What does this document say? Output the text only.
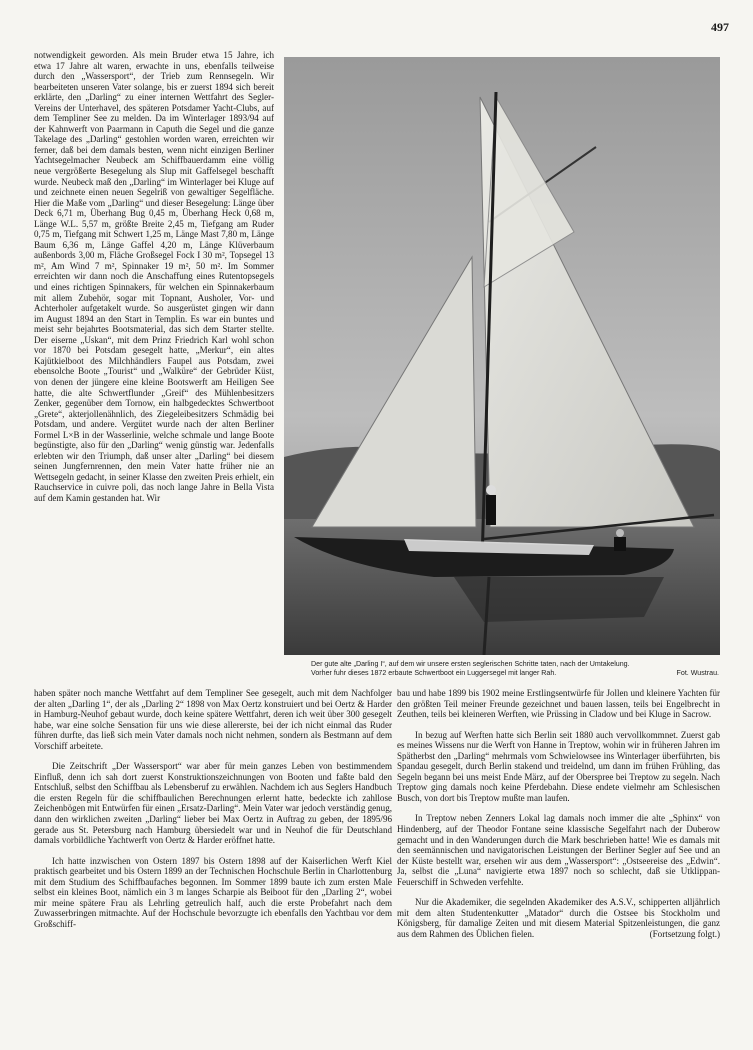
497

notwendigkeit geworden. Als mein Bruder etwa 15 Jahre, ich etwa 17 Jahre alt waren, erwachte in uns, ebenfalls teilweise durch den „Wassersport“, der Trieb zum Rennsegeln. Wir bearbeiteten unseren Vater solange, bis er zuerst 1894 sich bereit erklärte, den „Darling“ zu einer internen Wettfahrt des Segler-Vereins der Unterhavel, des späteren Potsdamer Yacht-Clubs, auf dem Templiner See zu melden. Da im Winterlager 1893/94 auf der Kahnwerft von Paarmann in Caputh die Segel und die ganze Takelage des „Darling“ gestohlen worden waren, erreichten wir ferner, daß bei dem damals besten, wenn nicht einzigen Berliner Yachtsegelmacher Neubeck am Schiffbauerdamm eine völlig neue vergrößerte Besegelung als Slup mit Gaffelsegel beschafft wurde. Neubeck maß den „Darling“ im Winterlager bei Kluge auf und zeichnete einen neuen Segelriß von gewaltiger Segelfläche. Hier die Maße vom „Darling“ und dieser Besegelung: Länge über Deck 6,71 m, Überhang Bug 0,45 m, Überhang Heck 0,68 m, Länge W.L. 5,57 m, größte Breite 2,45 m, Tiefgang am Ruder 0,75 m, Tiefgang mit Schwert 1,25 m, Länge Mast 7,80 m, Länge Baum 6,36 m, Länge Gaffel 4,20 m, Länge Klüverbaum außenbords 3,00 m, Fläche Großsegel Fock I 30 m², Topsegel 13 m², Am Wind 7 m², Spinnaker 19 m², 50 m². Im Sommer erreichten wir dann noch die Anschaffung eines Rutentopsegels und eines richtigen Spinnakers, für welchen ein Spinnakerbaum mit allem Zubehör, sogar mit Topnant, Ausholer, Vor- und Achterholer aufgetakelt wurde. So ausgerüstet gingen wir dann im August 1894 an den Start in Templin. Es war ein buntes und meist sehr bejahrtes Bootsmaterial, das sich dem Starter stellte. Der eiserne „Uskan“, mit dem Prinz Friedrich Karl wohl schon vor 1870 bei Potsdam gesegelt hatte, „Merkur“, ein altes Kajütkielboot des Milchhändlers Faupel aus Potsdam, zwei ebensolche Boote „Tourist“ und „Walküre“ der Gebrüder Küst, von denen der jüngere eine kleine Bootswerft am Heiligen See hatte, die alte Schwertflunder „Greif“ des Mühlenbesitzers Zenker, gegenüber dem Tornow, ein halbgedecktes Schwertboot „Grete“, akterjollenähnlich, des Ziegeleibesitzers Schmädig bei Potsdam, und andere. Vergütet wurde nach der alten Berliner Formel L×B in der Wasserlinie, welche schmale und lange Boote begünstigte, also für den „Darling“ wenig günstig war. Jedenfalls erlebten wir den Triumph, daß unser alter „Darling“ bei diesem seinen Jungfernrennen, den mein Vater hatte früher nie an Wettsegeln gedacht, in seiner Klasse den zweiten Preis erhielt, ein Rauchservice in cuivre poli, das noch lange Jahre in Bella Vista auf dem Kamin gestanden hat. Wir

Der gute alte „Darling I“, auf dem wir unsere ersten seglerischen Schritte taten, nach der Umtakelung.
Vorher fuhr dieses 1872 erbaute Schwertboot ein Luggersegel mit langer Rah.	Fot. Wustrau.

haben später noch manche Wettfahrt auf dem Templiner See gesegelt, auch mit dem Nachfolger der alten „Darling 1“, der als „Darling 2“ 1898 von Max Oertz konstruiert und bei Oertz & Harder in Hamburg-Neuhof gebaut wurde, doch keine spätere Wettfahrt, deren ich weit über 300 gesegelt habe, war eine solche Sensation für uns wie diese allererste, bei der ich nicht einmal das Ruder führen durfte, das ließ sich mein Vater damals noch nicht nehmen, sondern als Bestmann auf dem Vorschiff arbeitete.

Die Zeitschrift „Der Wassersport“ war aber für mein ganzes Leben von bestimmendem Einfluß, denn ich sah dort zuerst Konstruktionszeichnungen von Booten und faßte bald den Entschluß, selbst den Schiffbau als Lebensberuf zu erwählen. Nachdem ich aus Seglers Handbuch die ersten Regeln für die schiffbaulichen Berechnungen erlernt hatte, bedeckte ich zahllose Zeichenbögen mit Entwürfen für einen „Ersatz-Darling“. Mein Vater war jedoch verständig genug, dann den wirklichen zweiten „Darling“ lieber bei Max Oertz in Auftrag zu geben, der 1895/96 gerade aus St. Petersburg nach Hamburg übersiedelt war und in Neuhof die für Deutschland damals vorbildliche Yachtwerft von Oertz & Harder eröffnet hatte.

Ich hatte inzwischen von Ostern 1897 bis Ostern 1898 auf der Kaiserlichen Werft Kiel praktisch gearbeitet und bis Ostern 1899 an der Technischen Hochschule Berlin in Charlottenburg mit dem Studium des Schiffbaufaches begonnen. Im Sommer 1899 baute ich zum ersten Male selbst ein kleines Boot, nämlich ein 3 m langes Scharpie als Beiboot für den „Darling 2“, wobei mir meine spätere Frau als Lehrling getreulich half, auch die erste Probefahrt nach dem Zuwasserbringen mitmachte. Auf der Hochschule bevorzugte ich ebenfalls den Yachtbau vor dem Großschiff-

bau und habe 1899 bis 1902 meine Erstlingsentwürfe für Jollen und kleinere Yachten für den größten Teil meiner Freunde gezeichnet und bauen lassen, teils bei Engelbrecht in Zeuthen, teils bei kleineren Werften, wie Prüssing in Cladow und bei Kluge in Sacrow.

In bezug auf Werften hatte sich Berlin seit 1880 auch vervollkommnet. Zuerst gab es meines Wissens nur die Werft von Hanne in Treptow, wohin wir in früheren Jahren im Spätherbst den „Darling“ mehrmals vom Schwielowsee ins Winterlager überführten, bis Spandau gesegelt, durch Berlin stakend und treidelnd, um dann im frühen Frühling, das Segeln begann bei uns meist Ende März, auf der Oberspree bei Treptow zu segeln. Nach Treptow ging damals noch keine Pferdebahn. Diese endete vielmehr am Schlesischen Busch, von dort bis Treptow mußte man laufen.

In Treptow neben Zenners Lokal lag damals noch immer die alte „Sphinx“ von Hindenberg, auf der Theodor Fontane seine klassische Segelfahrt nach der Duberow gemacht und in den Wanderungen durch die Mark beschrieben hatte! Wie es damals mit den seemännischen und navigatorischen Leistungen der Berliner Segler auf See und an der Küste bestellt war, ersehen wir aus dem „Wassersport“: „Ostseereise des „Edwin“. Ja, selbst die „Luna“ navigierte etwa 1897 noch so schlecht, daß sie Utklippan-Feuerschiff in Schweden verfehlte.

Nur die Akademiker, die segelnden Akademiker des A.S.V., schipperten alljährlich mit dem alten Studentenkutter „Matador“ durch die Ostsee bis Stockholm und Königsberg, für damalige Zeiten und mit diesem Material Spitzenleistungen, die ganz aus dem Rahmen des Üblichen fielen.	(Fortsetzung folgt.)
